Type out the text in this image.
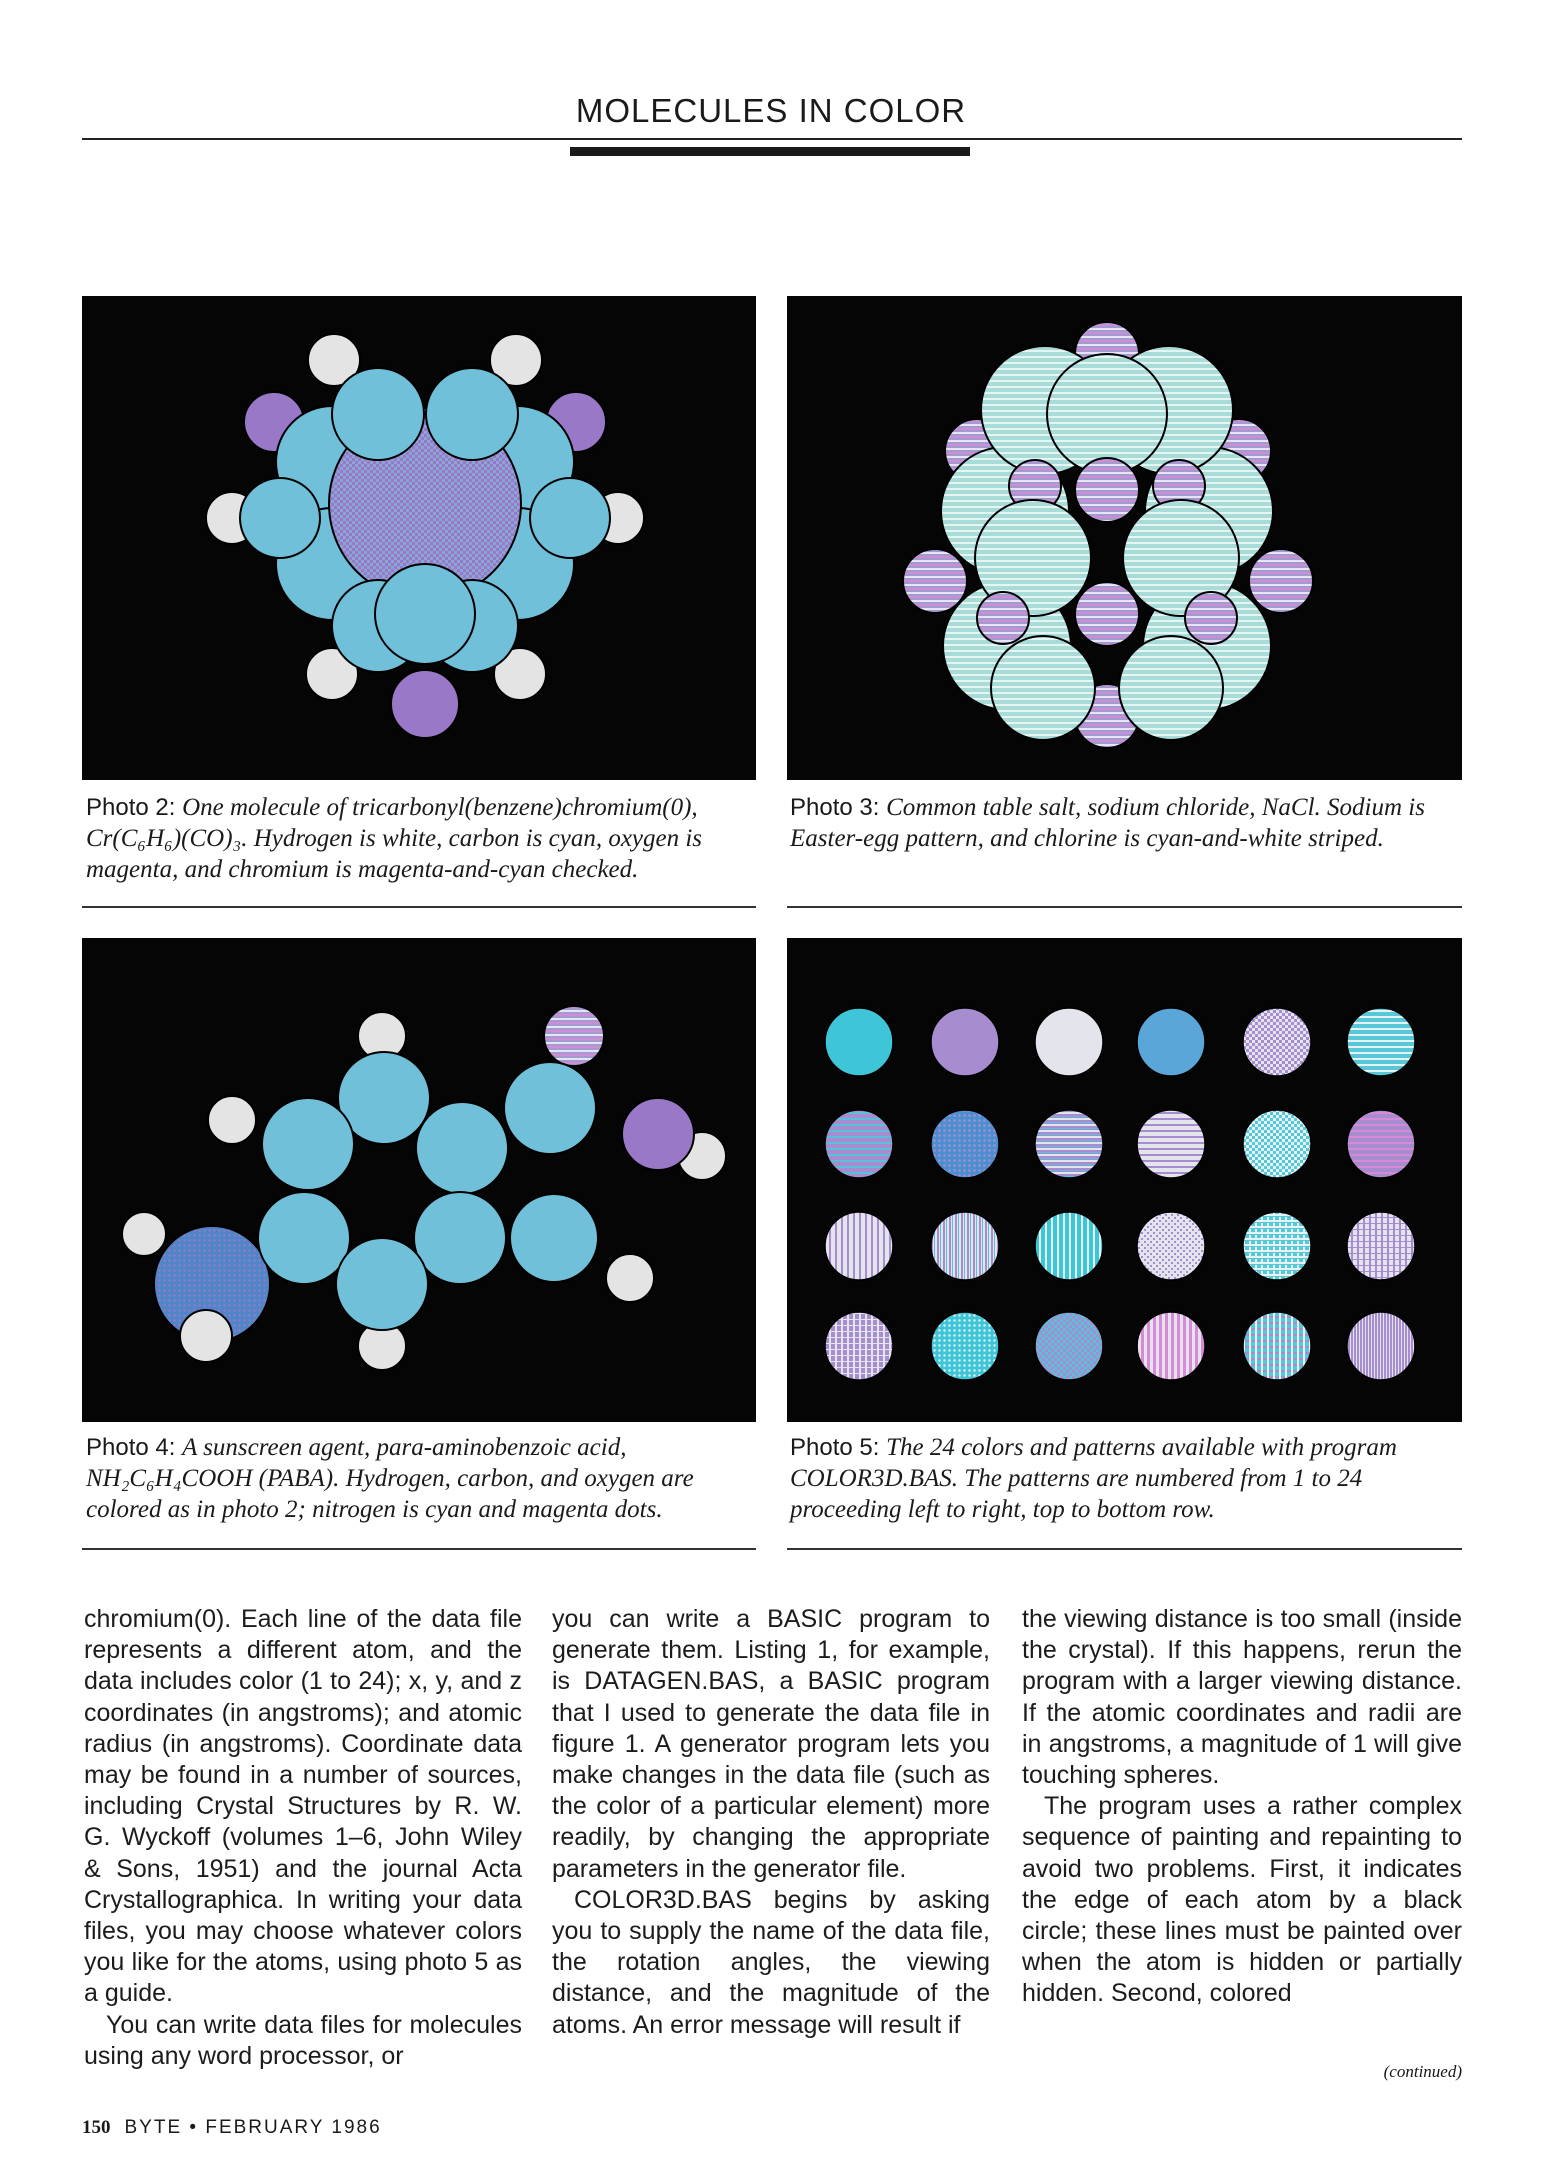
MOLECULES IN COLOR
Photo 2: One molecule of tricarbonyl(benzene)chromium(0), Cr(C₆H₆)(CO)₃. Hydrogen is white, carbon is cyan, oxygen is magenta, and chromium is magenta-and-cyan checked.
Photo 3: Common table salt, sodium chloride, NaCl. Sodium is Easter-egg pattern, and chlorine is cyan-and-white striped.
Photo 4: A sunscreen agent, para-aminobenzoic acid, NH₂C₆H₄COOH (PABA). Hydrogen, carbon, and oxygen are colored as in photo 2; nitrogen is cyan and magenta dots.
Photo 5: The 24 colors and patterns available with program COLOR3D.BAS. The patterns are numbered from 1 to 24 proceeding left to right, top to bottom row.

chromium(0). Each line of the data file represents a different atom, and the data includes color (1 to 24); x, y, and z coordinates (in angstroms); and atomic radius (in angstroms). Coordinate data may be found in a number of sources, including Crystal Structures by R. W. G. Wyckoff (volumes 1–6, John Wiley & Sons, 1951) and the journal Acta Crystallographica. In writing your data files, you may choose whatever colors you like for the atoms, using photo 5 as a guide.

You can write data files for molecules using any word processor, or

you can write a BASIC program to generate them. Listing 1, for example, is DATAGEN.BAS, a BASIC program that I used to generate the data file in figure 1. A generator program lets you make changes in the data file (such as the color of a particular element) more readily, by changing the appropriate parameters in the generator file.

COLOR3D.BAS begins by asking you to supply the name of the data file, the rotation angles, the viewing distance, and the magnitude of the atoms. An error message will result if

the viewing distance is too small (inside the crystal). If this happens, rerun the program with a larger viewing distance. If the atomic coordinates and radii are in angstroms, a magnitude of 1 will give touching spheres.

The program uses a rather complex sequence of painting and repainting to avoid two problems. First, it indicates the edge of each atom by a black circle; these lines must be painted over when the atom is hidden or partially hidden. Second, colored

(continued)
150 BYTE • FEBRUARY 1986
